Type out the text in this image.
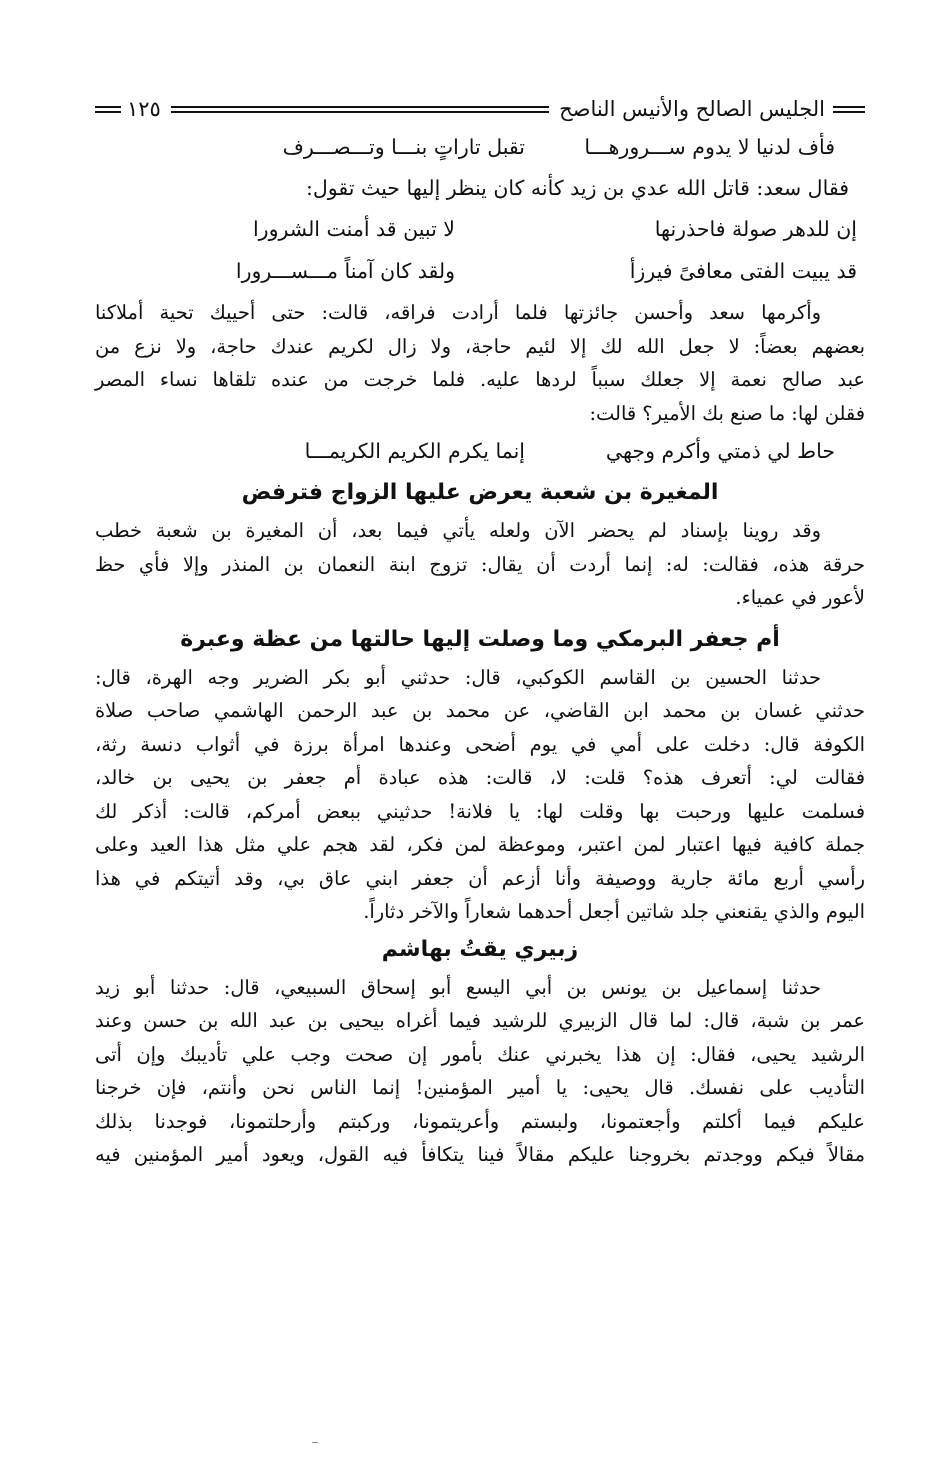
الجليس الصالح والأنيس الناصح
١٢٥
فأف لدنيا لا يدوم ســـرورهـــا
تقبل تاراتٍ بنـــا وتـــصـــرف
فقال سعد: قاتل الله عدي بن زيد كأنه كان ينظر إليها حيث تقول:
إن للدهر صولة فاحذرنها
لا تبين قد أمنت الشرورا
قد يبيت الفتى معافىً فيرزأ
ولقد كان آمناً مـــســـرورا

وأكرمها سعد وأحسن جائزتها فلما أرادت فراقه، قالت: حتى أحييك تحية أملاكنا
بعضهم بعضاً: لا جعل الله لك إلا لئيم حاجة، ولا زال لكريم عندك حاجة، ولا نزع من
عبد صالح نعمة إلا جعلك سبباً لردها عليه. فلما خرجت من عنده تلقاها نساء المصر
فقلن لها: ما صنع بك الأمير؟ قالت:

حاط لي ذمتي وأكرم وجهي
إنما يكرم الكريم الكريمـــا
المغيرة بن شعبة يعرض عليها الزواج فترفض

وقد روينا بإسناد لم يحضر الآن ولعله يأتي فيما بعد، أن المغيرة بن شعبة خطب
حرقة هذه، فقالت: له: إنما أردت أن يقال: تزوج ابنة النعمان بن المنذر وإلا فأي حظ
لأعور في عمياء.

أم جعفر البرمكي وما وصلت إليها حالتها من عظة وعبرة

حدثنا الحسين بن القاسم الكوكبي، قال: حدثني أبو بكر الضرير وجه الهرة، قال:
حدثني غسان بن محمد ابن القاضي، عن محمد بن عبد الرحمن الهاشمي صاحب صلاة
الكوفة قال: دخلت على أمي في يوم أضحى وعندها امرأة برزة في أثواب دنسة رثة،
فقالت لي: أتعرف هذه؟ قلت: لا، قالت: هذه عبادة أم جعفر بن يحيى بن خالد،
فسلمت عليها ورحبت بها وقلت لها: يا فلانة! حدثيني ببعض أمركم، قالت: أذكر لك
جملة كافية فيها اعتبار لمن اعتبر، وموعظة لمن فكر، لقد هجم علي مثل هذا العيد وعلى
رأسي أربع مائة جارية ووصيفة وأنا أزعم أن جعفر ابني عاق بي، وقد أتيتكم في هذا
اليوم والذي يقنعني جلد شاتين أجعل أحدهما شعاراً والآخر دثاراً.

زبيري يقتُ بهاشم

حدثنا إسماعيل بن يونس بن أبي اليسع أبو إسحاق السبيعي، قال: حدثنا أبو زيد
عمر بن شبة، قال: لما قال الزبيري للرشيد فيما أغراه بيحيى بن عبد الله بن حسن وعند
الرشيد يحيى، فقال: إن هذا يخبرني عنك بأمور إن صحت وجب علي تأديبك وإن أتى
التأديب على نفسك. قال يحيى: يا أمير المؤمنين! إنما الناس نحن وأنتم، فإن خرجنا
عليكم فيما أكلتم وأجعتمونا، ولبستم وأعريتمونا، وركبتم وأرحلتمونا، فوجدنا بذلك
مقالاً فيكم ووجدتم بخروجنا عليكم مقالاً فينا يتكافأ فيه القول، ويعود أمير المؤمنين فيه
